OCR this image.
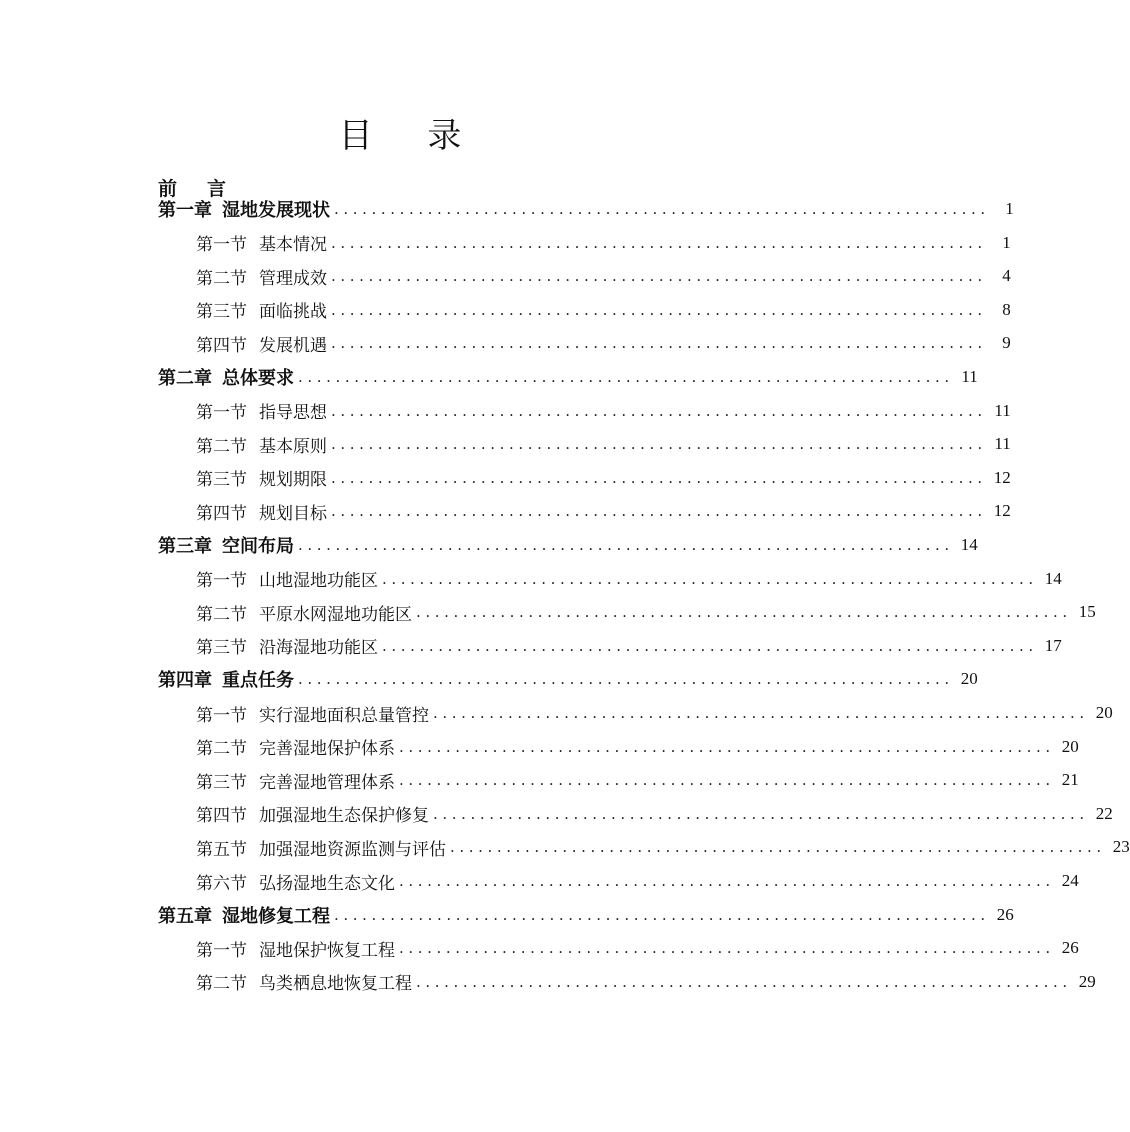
目 录
前言
第一章 湿地发展现状 ...................................................................... 1
第一节 基本情况 ...................................................................... 1
第二节 管理成效 ...................................................................... 4
第三节 面临挑战 ...................................................................... 8
第四节 发展机遇 ...................................................................... 9
第二章 总体要求 ...................................................................... 11
第一节 指导思想 ...................................................................... 11
第二节 基本原则 ...................................................................... 11
第三节 规划期限 ...................................................................... 12
第四节 规划目标 ...................................................................... 12
第三章 空间布局 ...................................................................... 14
第一节 山地湿地功能区 ...................................................................... 14
第二节 平原水网湿地功能区 ...................................................................... 15
第三节 沿海湿地功能区 ...................................................................... 17
第四章 重点任务 ...................................................................... 20
第一节 实行湿地面积总量管控 ...................................................................... 20
第二节 完善湿地保护体系 ...................................................................... 20
第三节 完善湿地管理体系 ...................................................................... 21
第四节 加强湿地生态保护修复 ...................................................................... 22
第五节 加强湿地资源监测与评估 ...................................................................... 23
第六节 弘扬湿地生态文化 ...................................................................... 24
第五章 湿地修复工程 ...................................................................... 26
第一节 湿地保护恢复工程 ...................................................................... 26
第二节 鸟类栖息地恢复工程 ...................................................................... 29
